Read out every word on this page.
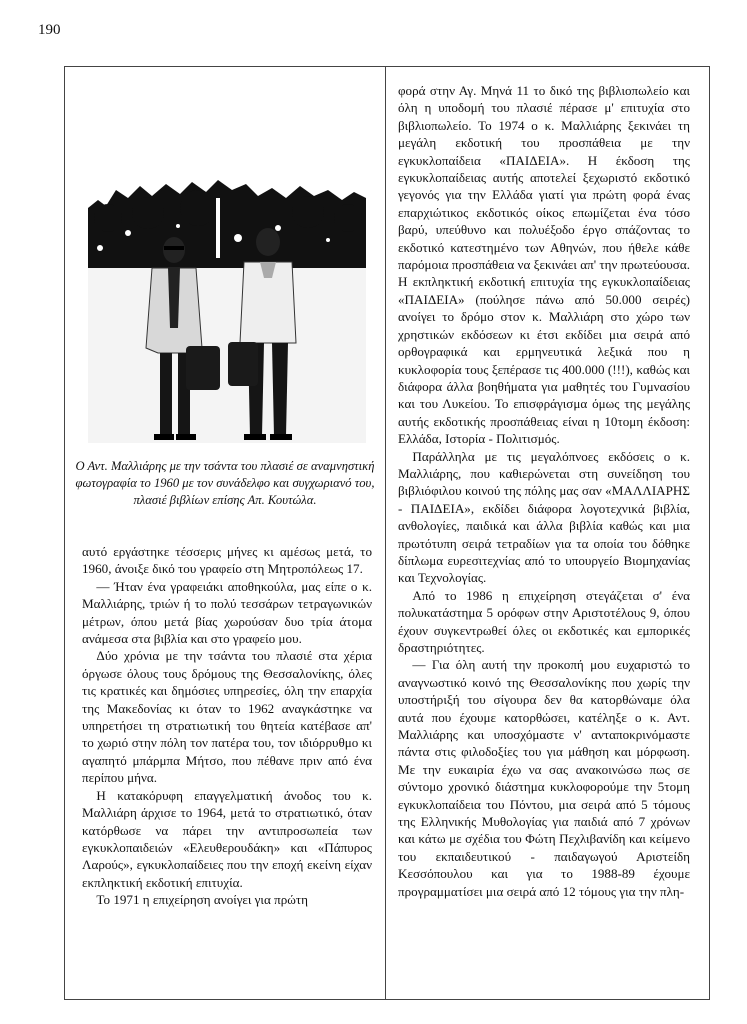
190
Ο Αντ. Μαλλιάρης με την τσάντα του πλασιέ σε αναμνηστική φωτογραφία το 1960 με τον συνάδελφο και συγχωριανό του, πλασιέ βιβλίων επίσης Απ. Κουτώλα.

αυτό εργάστηκε τέσσερις μήνες κι αμέσως μετά, το 1960, άνοιξε δικό του γραφείο στη Μητροπόλεως 17.

— Ήταν ένα γραφειάκι αποθηκούλα, μας είπε ο κ. Μαλλιάρης, τριών ή το πολύ τεσσάρων τετραγωνικών μέτρων, όπου μετά βίας χωρούσαν δυο τρία άτομα ανάμεσα στα βιβλία και στο γραφείο μου.

Δύο χρόνια με την τσάντα του πλασιέ στα χέρια όργωσε όλους τους δρόμους της Θεσσαλονίκης, όλες τις κρατικές και δημόσιες υπηρεσίες, όλη την επαρχία της Μακεδονίας κι όταν το 1962 αναγκάστηκε να υπηρετήσει τη στρατιωτική του θητεία κατέβασε απ' το χωριό στην πόλη τον πατέρα του, τον ιδιόρρυθμο κι αγαπητό μπάρμπα Μήτσο, που πέθανε πριν από ένα περίπου μήνα.

Η κατακόρυφη επαγγελματική άνοδος του κ. Μαλλιάρη άρχισε το 1964, μετά το στρατιωτικό, όταν κατόρθωσε να πάρει την αντιπροσωπεία των εγκυκλοπαιδειών «Ελευθερουδάκη» και «Πάπυρος Λαρούς», εγκυκλοπαίδειες που την εποχή εκείνη είχαν εκπληκτική εκδοτική επιτυχία.

Το 1971 η επιχείρηση ανοίγει για πρώτη

φορά στην Αγ. Μηνά 11 το δικό της βιβλιοπωλείο και όλη η υποδομή του πλασιέ πέρασε μ' επιτυχία στο βιβλιοπωλείο. Το 1974 ο κ. Μαλλιάρης ξεκινάει τη μεγάλη εκδοτική του προσπάθεια με την εγκυκλοπαίδεια «ΠΑΙΔΕΙΑ». Η έκδοση της εγκυκλοπαίδειας αυτής αποτελεί ξεχωριστό εκδοτικό γεγονός για την Ελλάδα γιατί για πρώτη φορά ένας επαρχιώτικος εκδοτικός οίκος επωμίζεται ένα τόσο βαρύ, υπεύθυνο και πολυέξοδο έργο σπάζοντας το εκδοτικό κατεστημένο των Αθηνών, που ήθελε κάθε παρόμοια προσπάθεια να ξεκινάει απ' την πρωτεύουσα. Η εκπληκτική εκδοτική επιτυχία της εγκυκλοπαίδειας «ΠΑΙΔΕΙΑ» (πούλησε πάνω από 50.000 σειρές) ανοίγει το δρόμο στον κ. Μαλλιάρη στο χώρο των χρηστικών εκδόσεων κι έτσι εκδίδει μια σειρά από ορθογραφικά και ερμηνευτικά λεξικά που η κυκλοφορία τους ξεπέρασε τις 400.000 (!!!), καθώς και διάφορα άλλα βοηθήματα για μαθητές του Γυμνασίου και του Λυκείου. Το επισφράγισμα όμως της μεγάλης αυτής εκδοτικής προσπάθειας είναι η 10τομη έκδοση: Ελλάδα, Ιστορία - Πολιτισμός.

Παράλληλα με τις μεγαλόπνοες εκδόσεις ο κ. Μαλλιάρης, που καθιερώνεται στη συνείδηση του βιβλιόφιλου κοινού της πόλης μας σαν «ΜΑΛΛΙΑΡΗΣ - ΠΑΙΔΕΙΑ», εκδίδει διάφορα λογοτεχνικά βιβλία, ανθολογίες, παιδικά και άλλα βιβλία καθώς και μια πρωτότυπη σειρά τετραδίων για τα οποία του δόθηκε δίπλωμα ευρεσιτεχνίας από το υπουργείο Βιομηχανίας και Τεχνολογίας.

Από το 1986 η επιχείρηση στεγάζεται σ' ένα πολυκατάστημα 5 ορόφων στην Αριστοτέλους 9, όπου έχουν συγκεντρωθεί όλες οι εκδοτικές και εμπορικές δραστηριότητες.

— Για όλη αυτή την προκοπή μου ευχαριστώ το αναγνωστικό κοινό της Θεσσαλονίκης που χωρίς την υποστήριξή του σίγουρα δεν θα κατορθώναμε όλα αυτά που έχουμε κατορθώσει, κατέληξε ο κ. Αντ. Μαλλιάρης και υποσχόμαστε ν' ανταποκρινόμαστε πάντα στις φιλοδοξίες του για μάθηση και μόρφωση. Με την ευκαιρία έχω να σας ανακοινώσω πως σε σύντομο χρονικό διάστημα κυκλοφορούμε την 5τομη εγκυκλοπαίδεια του Πόντου, μια σειρά από 5 τόμους της Ελληνικής Μυθολογίας για παιδιά από 7 χρόνων και κάτω με σχέδια του Φώτη Πεχλιβανίδη και κείμενο του εκπαιδευτικού - παιδαγωγού Αριστείδη Κεσσόπουλου και για το 1988-89 έχουμε προγραμματίσει μια σειρά από 12 τόμους για την πλη-
